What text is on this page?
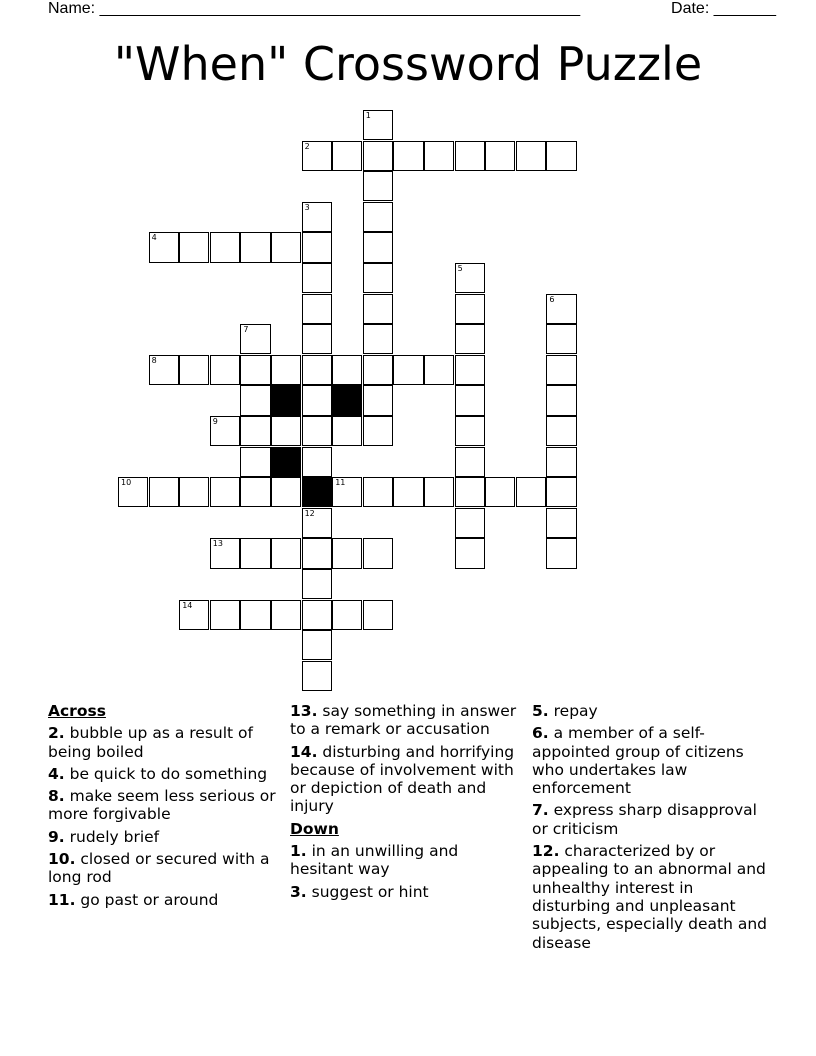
Name: ______________________________________________________	Date: _______
"When" Crossword Puzzle
1
2
3
4
5
6
7
8
9
10	11
12
13
14
Across
2. bubble up as a result of being boiled
4. be quick to do something
8. make seem less serious or more forgivable
9. rudely brief
10. closed or secured with a long rod
11. go past or around
13. say something in answer to a remark or accusation
14. disturbing and horrifying because of involvement with or depiction of death and injury
Down
1. in an unwilling and hesitant way
3. suggest or hint
5. repay
6. a member of a self-appointed group of citizens who undertakes law enforcement
7. express sharp disapproval or criticism
12. characterized by or appealing to an abnormal and unhealthy interest in disturbing and unpleasant subjects, especially death and disease
